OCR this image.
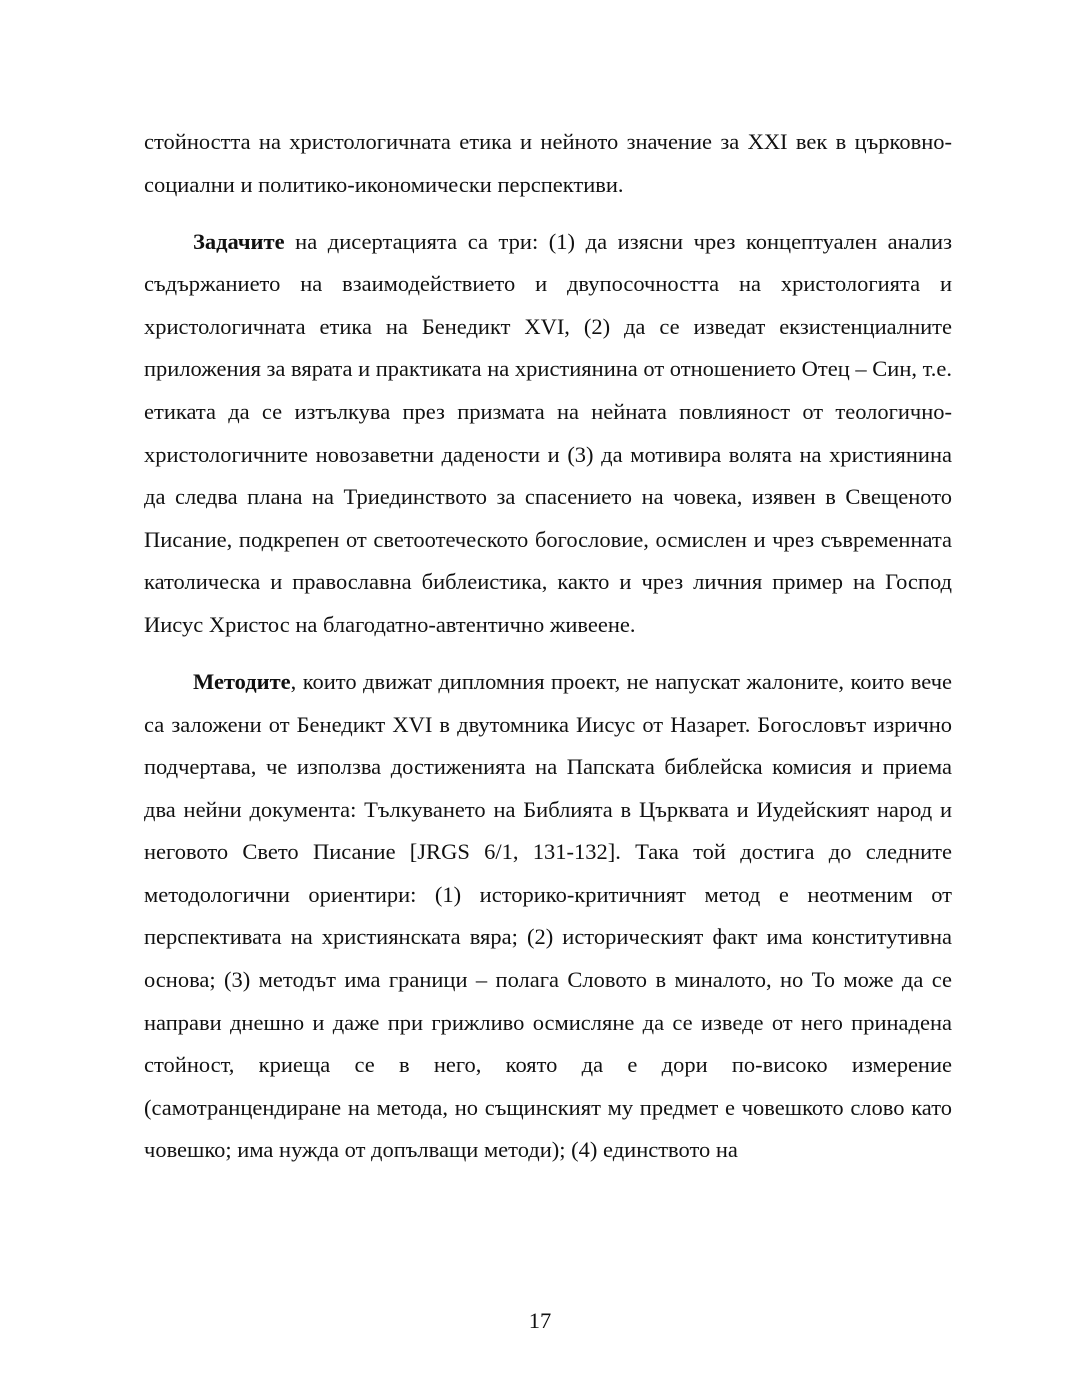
стойността на христологичната етика и нейното значение за XXI век в църковно-социални и политико-икономически перспективи.

Задачите на дисертацията са три: (1) да изясни чрез концептуален анализ съдържанието на взаимодействието и двупосочността на христологията и христологичната етика на Бенедикт XVI, (2) да се изведат екзистенциалните приложения за вярата и практиката на християнина от отношението Отец – Син, т.е. етиката да се изтълкува през призмата на нейната повлияност от теологично-христологичните новозаветни дадености и (3) да мотивира волята на християнина да следва плана на Триединството за спасението на човека, изявен в Свещеното Писание, подкрепен от светоотеческото богословие, осмислен и чрез съвременната католическа и православна библеистика, както и чрез личния пример на Господ Иисус Христос на благодатно-автентично живеене.

Методите, които движат дипломния проект, не напускат жалоните, които вече са заложени от Бенедикт XVI в двутомника Иисус от Назарет. Богословът изрично подчертава, че използва достиженията на Папската библейска комисия и приема два нейни документа: Тълкуването на Библията в Църквата и Иудейският народ и неговото Свето Писание [JRGS 6/1, 131-132]. Така той достига до следните методологични ориентири: (1) историко-критичният метод е неотменим от перспективата на християнската вяра; (2) историческият факт има конститутивна основа; (3) методът има граници – полага Словото в миналото, но То може да се направи днешно и даже при грижливо осмисляне да се изведе от него принадена стойност, криеща се в него, която да е дори по-високо измерение (самотранцендиране на метода, но същинският му предмет е човешкото слово като човешко; има нужда от допълващи методи); (4) единството на

17
